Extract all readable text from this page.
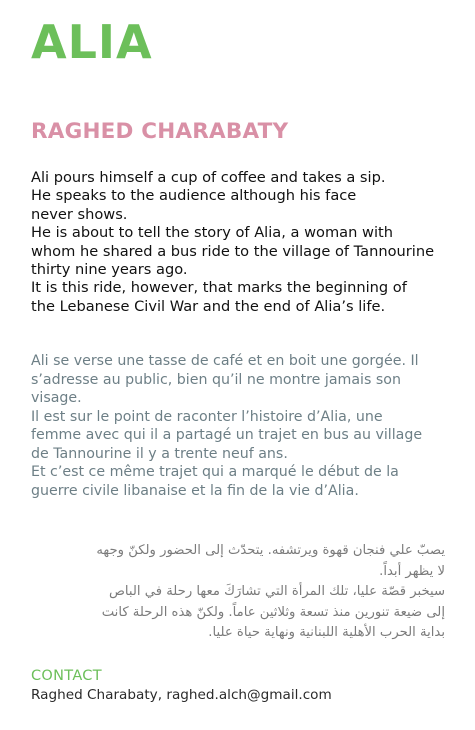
ALIA
RAGHED CHARABATY

Ali pours himself a cup of coffee and takes a sip.
He speaks to the audience although his face
never shows.
He is about to tell the story of Alia, a woman with
whom he shared a bus ride to the village of Tannourine
thirty nine years ago.
It is this ride, however, that marks the beginning of
the Lebanese Civil War and the end of Alia’s life.

Ali se verse une tasse de café et en boit une gorgée. Il
s’adresse au public, bien qu’il ne montre jamais son
visage.
Il est sur le point de raconter l’histoire d’Alia, une
femme avec qui il a partagé un trajet en bus au village
de Tannourine il y a trente neuf ans.
Et c’est ce même trajet qui a marqué le début de la
guerre civile libanaise et la fin de la vie d’Alia.

يصبّ علي فنجان قهوة ويرتشفه. يتحدّث إلى الحضور ولكنّ وجهه
لا يظهر أبداً.
سيخبر قصّة عليا، تلك المرأة التي تشارَكَ معها رحلة في الباص
إلى ضيعة تنورين منذ تسعة وثلاثين عاماً. ولكنّ هذه الرحلة كانت
بداية الحرب الأهلية اللبنانية ونهاية حياة عليا.

CONTACT
Raghed Charabaty, raghed.alch@gmail.com
